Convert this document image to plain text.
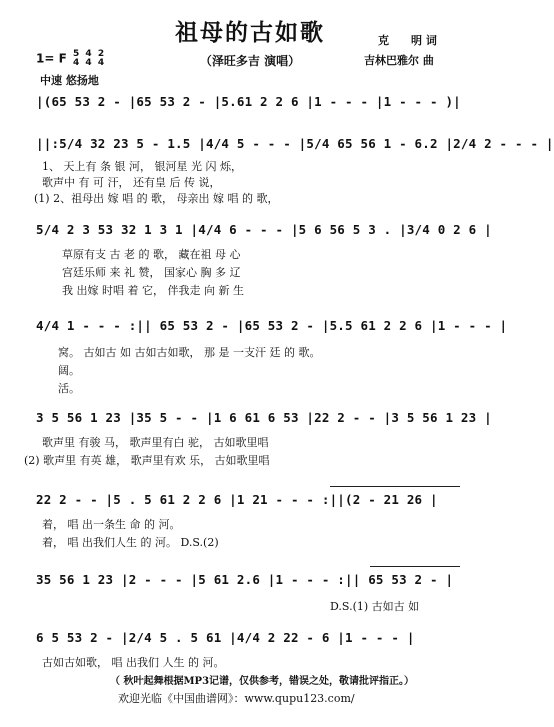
祖母的古如歌
（泽旺多吉 演唱）
克　　明 词
吉林巴雅尔 曲
1= F 5
4 4
4 2
4
中速 悠扬地
|(65 53 2 - |65 53 2 - |5.61 2 2 6 |1 - - - |1 - - - )|
||:5/4 32 23 5 - 1.5 |4/4 5 - - - |5/4 65 56 1 - 6.2 |2/4 2 - - - |
1、 天上有 条 银 河， 银河星 光 闪 烁，
歌声中 有 可 汗， 还有皇 后 传 说，
(1) 2、祖母出 嫁 唱 的 歌， 母亲出 嫁 唱 的 歌，
5/4 2 3 53 32 1 3 1 |4/4 6 - - - |5 6 56 5 3 . |3/4 0 2 6 |
草原有支 古 老 的 歌， 藏在祖 母 心
宫廷乐师 来 礼 赞， 国家心 胸 多 辽
我 出嫁 时唱 着 它， 伴我走 向 新 生
4/4 1 - - - :|| 65 53 2 - |65 53 2 - |5.5 61 2 2 6 |1 - - - |
窝。 古如古 如 古如古如歌， 那 是 一支汗 廷 的 歌。
阔。
活。
3 5 56 1 23 |35 5 - - |1 6 61 6 53 |22 2 - - |3 5 56 1 23 |
歌声里 有骏 马， 歌声里有白 驼， 古如歌里唱
(2) 歌声里 有英 雄， 歌声里有欢 乐， 古如歌里唱
22 2 - - |5 . 5 61 2 2 6 |1 21 - - - :||(2 - 21 26 |
着， 唱 出一条生 命 的 河。
着， 唱 出我们人生 的 河。 D.S.(2)
35 56 1 23 |2 - - - |5 61 2.6 |1 - - - :|| 65 53 2 - |
D.S.(1) 古如古 如
6 5 53 2 - |2/4 5 . 5 61 |4/4 2 22 - 6 |1 - - - |
古如古如歌， 唱 出我们 人生 的 河。
（ 秋叶起舞根据MP3记谱，仅供参考，错误之处，敬请批评指正。）
欢迎光临《中国曲谱网》：www.qupu123.com/
